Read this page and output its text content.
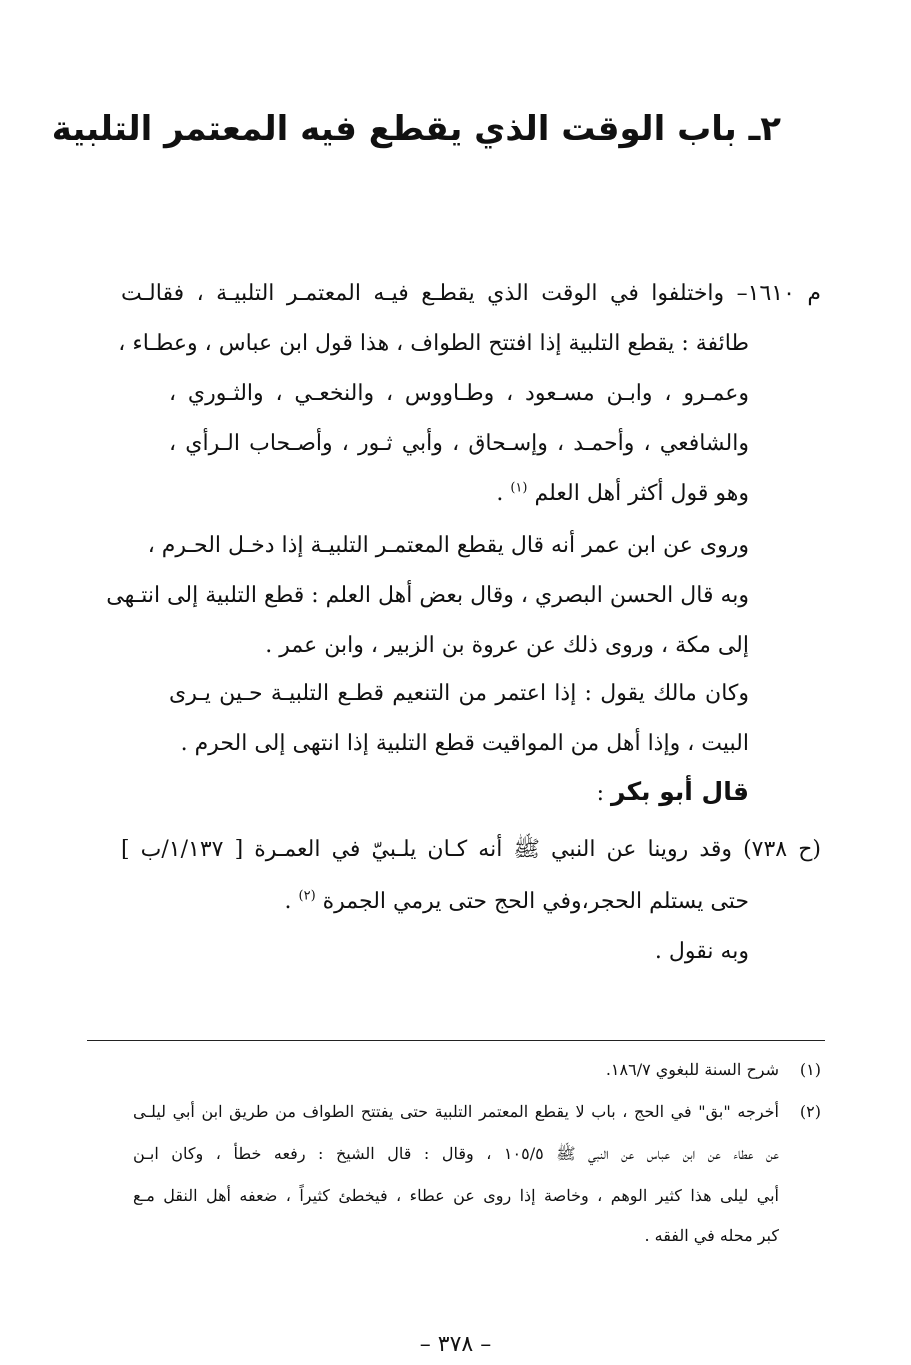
٢ـ باب الوقت الذي يقطع فيه المعتمر التلبية
م ١٦١٠– واختلفوا في الوقت الذي يقطـع فيـه المعتمـر التلبيـة ، فقالـت
طائفة : يقطع التلبية إذا افتتح الطواف ، هذا قول ابن عباس ، وعطـاء ،
وعمـرو ، وابـن مسـعود ، وطـاووس ، والنخعـي ، والثـوري ،
والشافعي ، وأحمـد ، وإسـحاق ، وأبي ثـور ، وأصـحاب الـرأي ،
وهو قول أكثر أهل العلم $^{(١)}$ .
وروى عن ابن عمر أنه قال يقطع المعتمـر التلبيـة إذا دخـل الحـرم ،
وبه قال الحسن البصري ، وقال بعض أهل العلم : قطع التلبية إلى انتـهى
إلى مكة ، وروى ذلك عن عروة بن الزبير ، وابن عمر .
وكان مالك يقول : إذا اعتمر من التنعيم قطـع التلبيـة حـين يـرى
البيت ، وإذا أهل من المواقيت قطع التلبية إذا انتهى إلى الحرم .
قال أبو بكر :
(ح ٧٣٨) وقد روينا عن النبي ﷺ أنه كـان يلـبيّ في العمـرة [ ١/١٣٧/ب ]
حتى يستلم الحجر،وفي الحج حتى يرمي الجمرة $^{(٢)}$ .
وبه نقول .
(١)
شرح السنة للبغوي ١٨٦/٧.
(٢)
أخرجه "بق" في الحج ، باب لا يقطع المعتمر التلبية حتى يفتتح الطواف من طريق ابن أبي ليلـى
عن عطاء عن ابن عباس عن النبي ﷺ ١٠٥/٥ ، وقال : قال الشيخ : رفعه خطأ ، وكان ابـن
أبي ليلى هذا كثير الوهم ، وخاصة إذا روى عن عطاء ، فيخطئ كثيراً ، ضعفه أهل النقل مـع
كبر محله في الفقه .
– ٣٧٨ –
